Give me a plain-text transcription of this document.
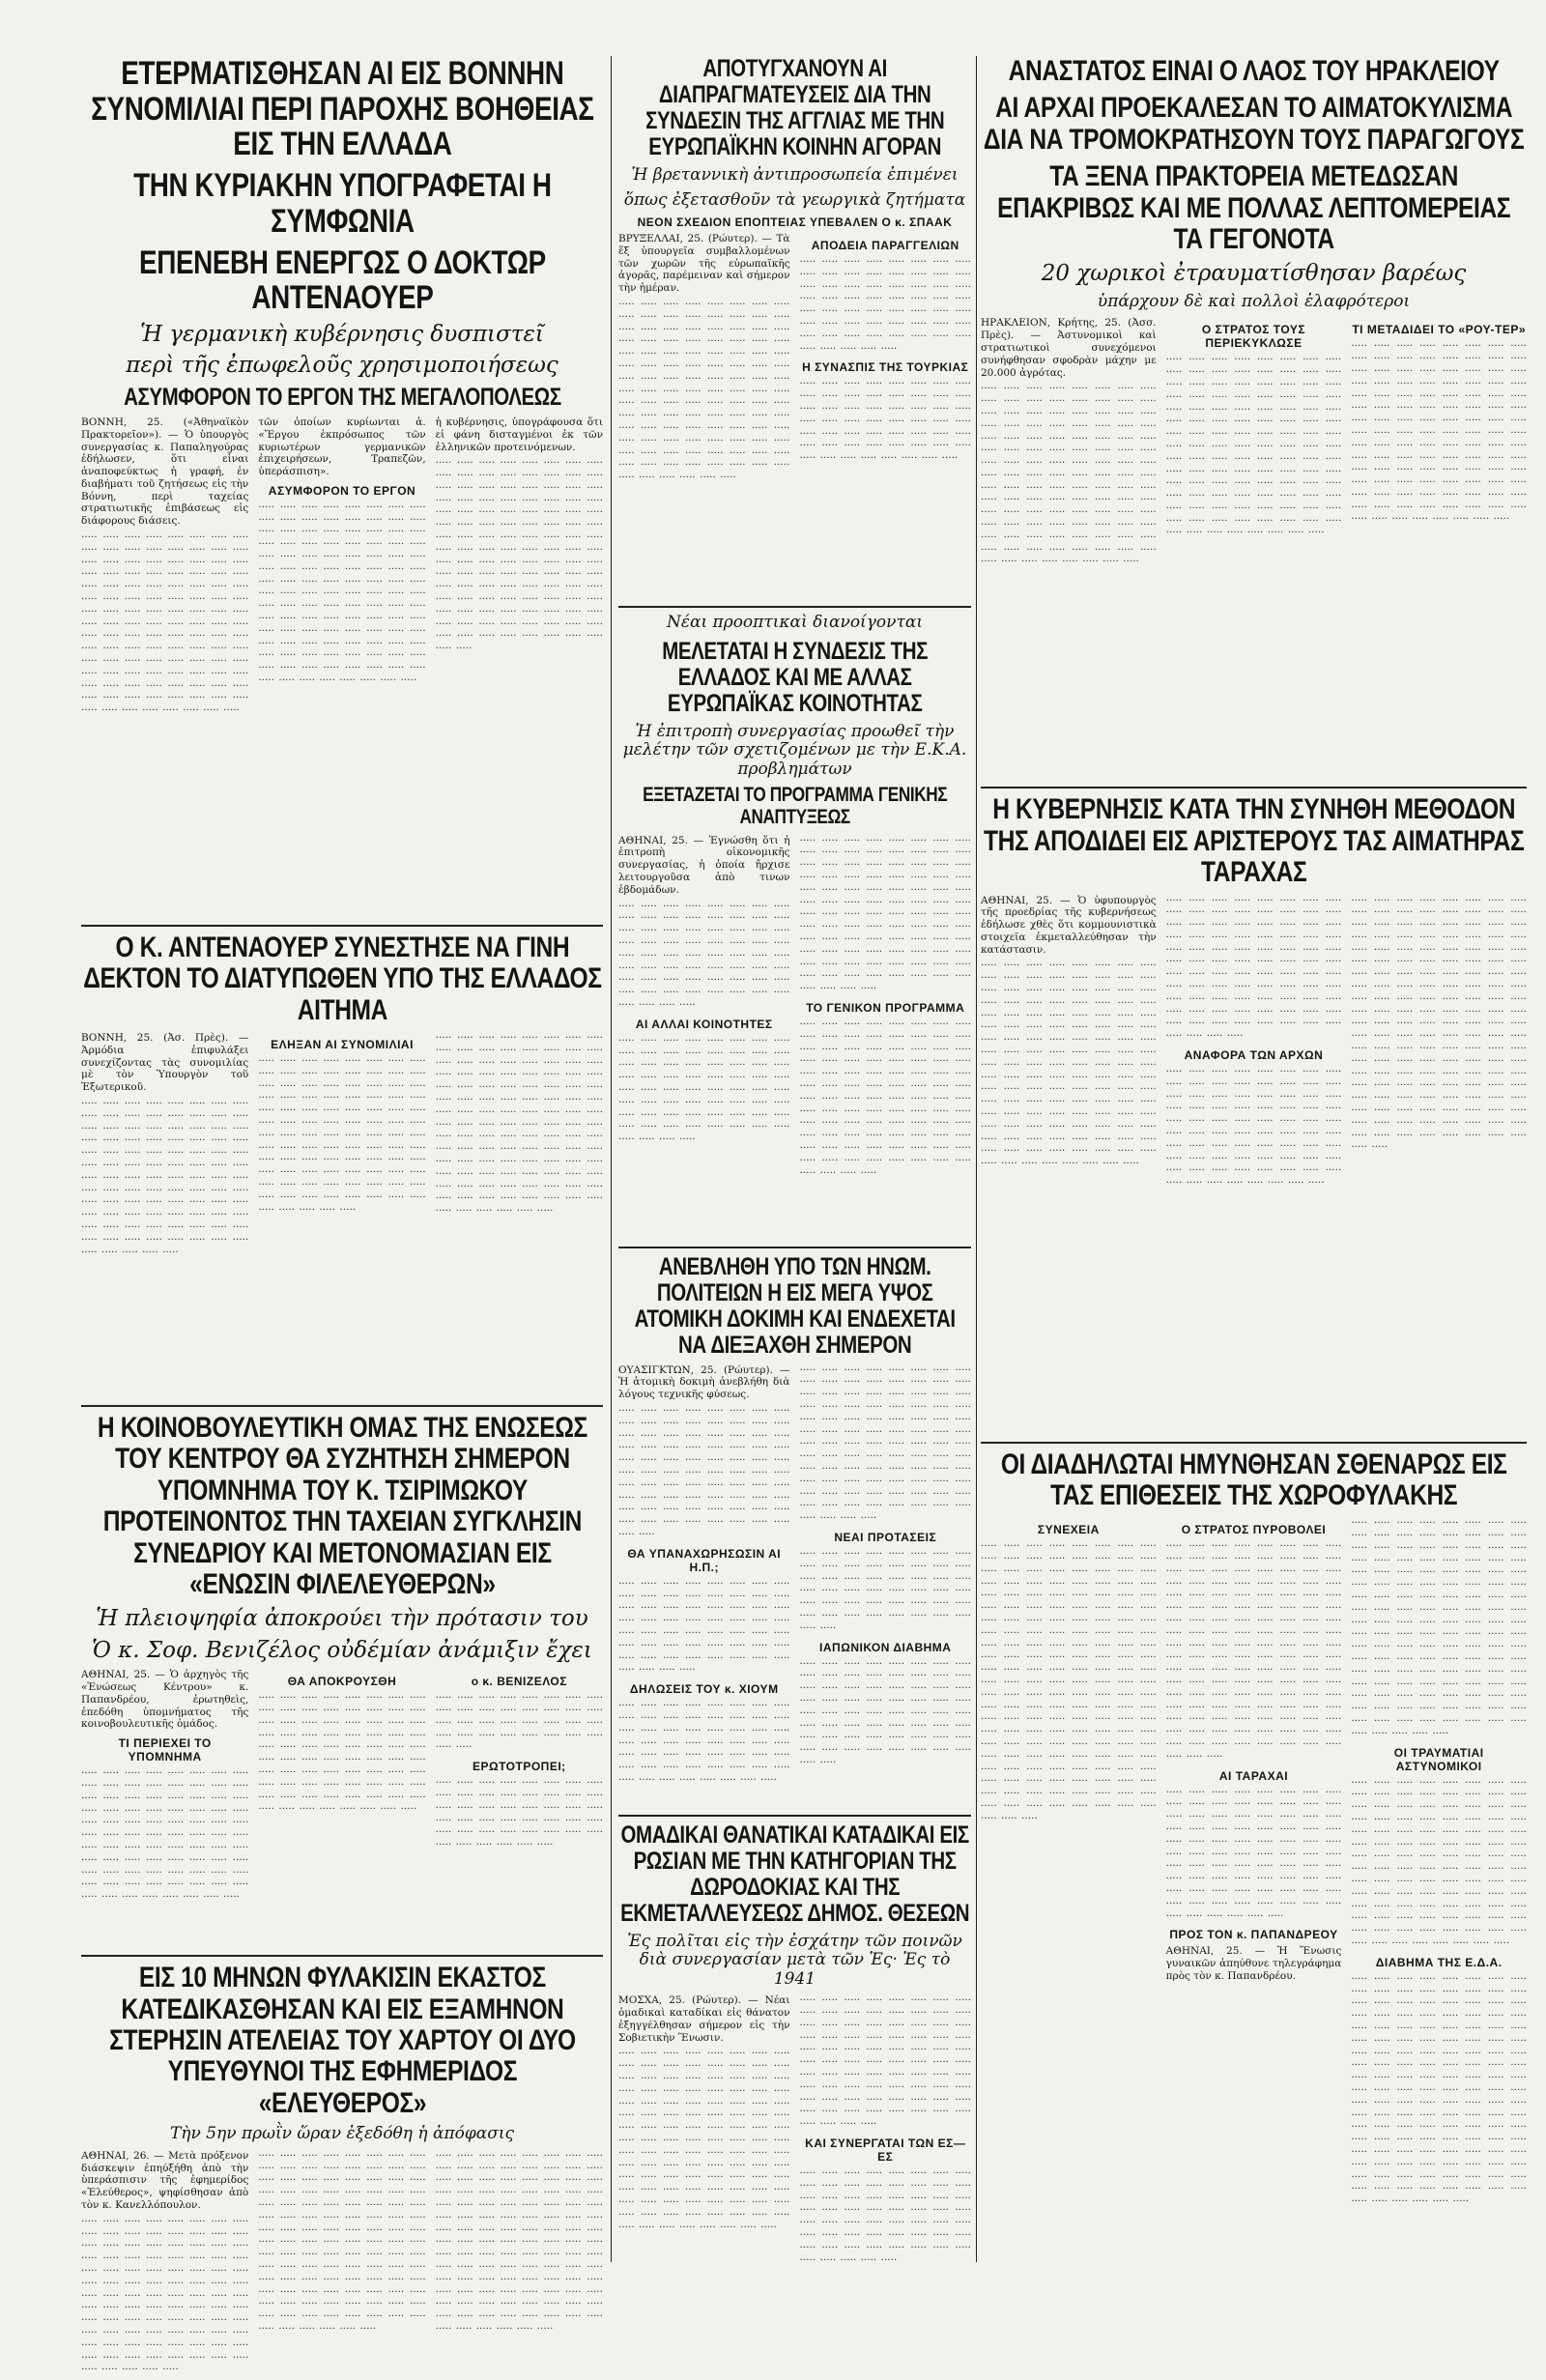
ΕΤΕΡΜΑΤΙΣΘΗΣΑΝ ΑΙ ΕΙΣ ΒΟΝΝΗΝ ΣΥΝΟΜΙΛΙΑΙ ΠΕΡΙ ΠΑΡΟΧΗΣ ΒΟΗΘΕΙΑΣ ΕΙΣ ΤΗΝ ΕΛΛΑΔΑ
ΤΗΝ ΚΥΡΙΑΚΗΝ ΥΠΟΓΡΑΦΕΤΑΙ Η ΣΥΜΦΩΝΙΑ
ΕΠΕΝΕΒΗ ΕΝΕΡΓΩΣ Ο ΔΟΚΤΩΡ ΑΝΤΕΝΑΟΥΕΡ
Ἡ γερμανικὴ κυβέρνησις δυσπιστεῖ
περὶ τῆς ἐπωφελοῦς χρησιμοποιήσεως
ΑΣΥΜΦΟΡΟΝ ΤΟ ΕΡΓΟΝ ΤΗΣ ΜΕΓΑΛΟΠΟΛΕΩΣ

ΒΟΝΝΗ, 25. («Ἀθηναϊκὸν Πρακτορεῖον»). — Ὁ ὑπουργὸς συνεργασίας κ. Παπαληγούρας ἐδήλωσεν, ὅτι εἶναι ἀναποφεύκτως ἡ γραφή, ἐν διαβήματι τοῦ ζητήσεως εἰς τὴν Βόννη, περὶ ταχείας στρατιωτικῆς ἐπιβάσεως εἰς διάφορους διάσεις.

····· ····· ····· ····· ····· ····· ····· ····· ····· ····· ····· ····· ····· ····· ····· ····· ····· ····· ····· ····· ····· ····· ····· ····· ····· ····· ····· ····· ····· ····· ····· ····· ····· ····· ····· ····· ····· ····· ····· ····· ····· ····· ····· ····· ····· ····· ····· ····· ····· ····· ····· ····· ····· ····· ····· ····· ····· ····· ····· ····· ····· ····· ····· ····· ····· ····· ····· ····· ····· ····· ····· ····· ····· ····· ····· ····· ····· ····· ····· ····· ····· ····· ····· ····· ····· ····· ····· ····· ····· ····· ····· ····· ····· ····· ····· ····· ····· ····· ····· ····· ····· ····· ····· ····· ····· ····· ····· ····· ····· ····· ····· ····· ····· ····· ····· ····· ····· ····· ····· ·····

τῶν ὁποίων κυρίωνται ἀ. «Ἔργου ἐκπρόσωπος τῶν κυριωτέρων γερμανικῶν ἐπιχειρήσεων, Τραπεζῶν, ὑπεράσπιση».

ΑΣΥΜΦΟΡΟΝ ΤΟ ΕΡΓΟΝ

····· ····· ····· ····· ····· ····· ····· ····· ····· ····· ····· ····· ····· ····· ····· ····· ····· ····· ····· ····· ····· ····· ····· ····· ····· ····· ····· ····· ····· ····· ····· ····· ····· ····· ····· ····· ····· ····· ····· ····· ····· ····· ····· ····· ····· ····· ····· ····· ····· ····· ····· ····· ····· ····· ····· ····· ····· ····· ····· ····· ····· ····· ····· ····· ····· ····· ····· ····· ····· ····· ····· ····· ····· ····· ····· ····· ····· ····· ····· ····· ····· ····· ····· ····· ····· ····· ····· ····· ····· ····· ····· ····· ····· ····· ····· ····· ····· ····· ····· ····· ····· ····· ····· ····· ····· ····· ····· ····· ····· ····· ····· ····· ····· ····· ····· ····· ····· ····· ····· ·····

ἡ κυβέρνησις, ὑπογράφουσα ὅτι εἰ φάνη δισταγμένοι ἐκ τῶν ἑλληνικῶν προτεινόμενων.

····· ····· ····· ····· ····· ····· ····· ····· ····· ····· ····· ····· ····· ····· ····· ····· ····· ····· ····· ····· ····· ····· ····· ····· ····· ····· ····· ····· ····· ····· ····· ····· ····· ····· ····· ····· ····· ····· ····· ····· ····· ····· ····· ····· ····· ····· ····· ····· ····· ····· ····· ····· ····· ····· ····· ····· ····· ····· ····· ····· ····· ····· ····· ····· ····· ····· ····· ····· ····· ····· ····· ····· ····· ····· ····· ····· ····· ····· ····· ····· ····· ····· ····· ····· ····· ····· ····· ····· ····· ····· ····· ····· ····· ····· ····· ····· ····· ····· ····· ····· ····· ····· ····· ····· ····· ····· ····· ····· ····· ····· ····· ····· ····· ····· ····· ····· ····· ····· ····· ····· ····· ·····

Ο Κ. ΑΝΤΕΝΑΟΥΕΡ ΣΥΝΕΣΤΗΣΕ ΝΑ ΓΙΝΗ ΔΕΚΤΟΝ ΤΟ ΔΙΑΤΥΠΩΘΕΝ ΥΠΟ ΤΗΣ ΕΛΛΑΔΟΣ ΑΙΤΗΜΑ

ΒΟΝΝΗ, 25. (Ἀσ. Πρὲς). — Ἀρμόδια ἐπιφυλάξει συνεχίζοντας τὰς συνομιλίας μὲ τὸν Ὑπουργὸν τοῦ Ἐξωτερικοῦ.

····· ····· ····· ····· ····· ····· ····· ····· ····· ····· ····· ····· ····· ····· ····· ····· ····· ····· ····· ····· ····· ····· ····· ····· ····· ····· ····· ····· ····· ····· ····· ····· ····· ····· ····· ····· ····· ····· ····· ····· ····· ····· ····· ····· ····· ····· ····· ····· ····· ····· ····· ····· ····· ····· ····· ····· ····· ····· ····· ····· ····· ····· ····· ····· ····· ····· ····· ····· ····· ····· ····· ····· ····· ····· ····· ····· ····· ····· ····· ····· ····· ····· ····· ····· ····· ····· ····· ····· ····· ····· ····· ····· ····· ····· ····· ····· ····· ····· ····· ····· ·····

ΕΛΗΞΑΝ ΑΙ ΣΥΝΟΜΙΛΙΑΙ

····· ····· ····· ····· ····· ····· ····· ····· ····· ····· ····· ····· ····· ····· ····· ····· ····· ····· ····· ····· ····· ····· ····· ····· ····· ····· ····· ····· ····· ····· ····· ····· ····· ····· ····· ····· ····· ····· ····· ····· ····· ····· ····· ····· ····· ····· ····· ····· ····· ····· ····· ····· ····· ····· ····· ····· ····· ····· ····· ····· ····· ····· ····· ····· ····· ····· ····· ····· ····· ····· ····· ····· ····· ····· ····· ····· ····· ····· ····· ····· ····· ····· ····· ····· ····· ····· ····· ····· ····· ····· ····· ····· ····· ····· ····· ····· ····· ····· ····· ····· ·····

····· ····· ····· ····· ····· ····· ····· ····· ····· ····· ····· ····· ····· ····· ····· ····· ····· ····· ····· ····· ····· ····· ····· ····· ····· ····· ····· ····· ····· ····· ····· ····· ····· ····· ····· ····· ····· ····· ····· ····· ····· ····· ····· ····· ····· ····· ····· ····· ····· ····· ····· ····· ····· ····· ····· ····· ····· ····· ····· ····· ····· ····· ····· ····· ····· ····· ····· ····· ····· ····· ····· ····· ····· ····· ····· ····· ····· ····· ····· ····· ····· ····· ····· ····· ····· ····· ····· ····· ····· ····· ····· ····· ····· ····· ····· ····· ····· ····· ····· ····· ····· ····· ····· ····· ····· ····· ····· ····· ····· ····· ····· ····· ····· ····· ····· ····· ····· ·····

Η ΚΟΙΝΟΒΟΥΛΕΥΤΙΚΗ ΟΜΑΣ ΤΗΣ ΕΝΩΣΕΩΣ ΤΟΥ ΚΕΝΤΡΟΥ ΘΑ ΣΥΖΗΤΗΣΗ ΣΗΜΕΡΟΝ ΥΠΟΜΝΗΜΑ ΤΟΥ Κ. ΤΣΙΡΙΜΩΚΟΥ ΠΡΟΤΕΙΝΟΝΤΟΣ ΤΗΝ ΤΑΧΕΙΑΝ ΣΥΓΚΛΗΣΙΝ ΣΥΝΕΔΡΙΟΥ ΚΑΙ ΜΕΤΟΝΟΜΑΣΙΑΝ ΕΙΣ «ΕΝΩΣΙΝ ΦΙΛΕΛΕΥΘΕΡΩΝ»
Ἡ πλειοψηφία ἀποκρούει τὴν πρότασιν του
Ὁ κ. Σοφ. Βενιζέλος οὐδέμίαν ἀνάμιξιν ἔχει

ΑΘΗΝΑΙ, 25. — Ὁ ἀρχηγὸς τῆς «Ἑνώσεως Κέντρου» κ. Παπανδρέου, ἐρωτηθεὶς, ἐπεδόθη ὑπομνήματος τῆς κοινοβουλευτικῆς ὁμάδος.

ΤΙ ΠΕΡΙΕΧΕΙ ΤΟ ΥΠΟΜΝΗΜΑ

····· ····· ····· ····· ····· ····· ····· ····· ····· ····· ····· ····· ····· ····· ····· ····· ····· ····· ····· ····· ····· ····· ····· ····· ····· ····· ····· ····· ····· ····· ····· ····· ····· ····· ····· ····· ····· ····· ····· ····· ····· ····· ····· ····· ····· ····· ····· ····· ····· ····· ····· ····· ····· ····· ····· ····· ····· ····· ····· ····· ····· ····· ····· ····· ····· ····· ····· ····· ····· ····· ····· ····· ····· ····· ····· ····· ····· ····· ····· ····· ····· ····· ····· ····· ····· ····· ····· ·····

ΘΑ ΑΠΟΚΡΟΥΣΘΗ

····· ····· ····· ····· ····· ····· ····· ····· ····· ····· ····· ····· ····· ····· ····· ····· ····· ····· ····· ····· ····· ····· ····· ····· ····· ····· ····· ····· ····· ····· ····· ····· ····· ····· ····· ····· ····· ····· ····· ····· ····· ····· ····· ····· ····· ····· ····· ····· ····· ····· ····· ····· ····· ····· ····· ····· ····· ····· ····· ····· ····· ····· ····· ····· ····· ····· ····· ····· ····· ····· ····· ····· ····· ····· ····· ····· ····· ····· ····· ·····

ο κ. ΒΕΝΙΖΕΛΟΣ

····· ····· ····· ····· ····· ····· ····· ····· ····· ····· ····· ····· ····· ····· ····· ····· ····· ····· ····· ····· ····· ····· ····· ····· ····· ····· ····· ····· ····· ····· ····· ····· ····· ·····

ΕΡΩΤΟΤΡΟΠΕΙ;

····· ····· ····· ····· ····· ····· ····· ····· ····· ····· ····· ····· ····· ····· ····· ····· ····· ····· ····· ····· ····· ····· ····· ····· ····· ····· ····· ····· ····· ····· ····· ····· ····· ····· ····· ····· ····· ····· ····· ····· ····· ····· ····· ····· ····· ·····

ΕΙΣ 10 ΜΗΝΩΝ ΦΥΛΑΚΙΣΙΝ ΕΚΑΣΤΟΣ ΚΑΤΕΔΙΚΑΣΘΗΣΑΝ ΚΑΙ ΕΙΣ ΕΞΑΜΗΝΟΝ ΣΤΕΡΗΣΙΝ ΑΤΕΛΕΙΑΣ ΤΟΥ ΧΑΡΤΟΥ ΟΙ ΔΥΟ ΥΠΕΥΘΥΝΟΙ ΤΗΣ ΕΦΗΜΕΡΙΔΟΣ «ΕΛΕΥΘΕΡΟΣ»
Τὴν 5ην πρωῒν ὥραν ἐξεδόθη ἡ ἀπόφασις

ΑΘΗΝΑΙ, 26. — Μετὰ πρόξενον διάσκεψιν ἐπηύξήθη ἀπὸ τὴν ὑπεράσπισιν τῆς ἐφημερίδος «Ἐλεύθερος», ψηφίσθησαν ἀπὸ τὸν κ. Κανελλόπουλον.

····· ····· ····· ····· ····· ····· ····· ····· ····· ····· ····· ····· ····· ····· ····· ····· ····· ····· ····· ····· ····· ····· ····· ····· ····· ····· ····· ····· ····· ····· ····· ····· ····· ····· ····· ····· ····· ····· ····· ····· ····· ····· ····· ····· ····· ····· ····· ····· ····· ····· ····· ····· ····· ····· ····· ····· ····· ····· ····· ····· ····· ····· ····· ····· ····· ····· ····· ····· ····· ····· ····· ····· ····· ····· ····· ····· ····· ····· ····· ····· ····· ····· ····· ····· ····· ····· ····· ····· ····· ····· ····· ····· ····· ····· ····· ····· ····· ····· ····· ····· ·····

····· ····· ····· ····· ····· ····· ····· ····· ····· ····· ····· ····· ····· ····· ····· ····· ····· ····· ····· ····· ····· ····· ····· ····· ····· ····· ····· ····· ····· ····· ····· ····· ····· ····· ····· ····· ····· ····· ····· ····· ····· ····· ····· ····· ····· ····· ····· ····· ····· ····· ····· ····· ····· ····· ····· ····· ····· ····· ····· ····· ····· ····· ····· ····· ····· ····· ····· ····· ····· ····· ····· ····· ····· ····· ····· ····· ····· ····· ····· ····· ····· ····· ····· ····· ····· ····· ····· ····· ····· ····· ····· ····· ····· ····· ····· ····· ····· ····· ····· ····· ····· ····· ····· ····· ····· ····· ····· ····· ····· ····· ····· ····· ····· ····· ····· ····· ····· ·····

····· ····· ····· ····· ····· ····· ····· ····· ····· ····· ····· ····· ····· ····· ····· ····· ····· ····· ····· ····· ····· ····· ····· ····· ····· ····· ····· ····· ····· ····· ····· ····· ····· ····· ····· ····· ····· ····· ····· ····· ····· ····· ····· ····· ····· ····· ····· ····· ····· ····· ····· ····· ····· ····· ····· ····· ····· ····· ····· ····· ····· ····· ····· ····· ····· ····· ····· ····· ····· ····· ····· ····· ····· ····· ····· ····· ····· ····· ····· ····· ····· ····· ····· ····· ····· ····· ····· ····· ····· ····· ····· ····· ····· ····· ····· ····· ····· ····· ····· ····· ····· ····· ····· ····· ····· ····· ····· ····· ····· ····· ····· ····· ····· ····· ····· ····· ····· ·····

ΑΠΟΤΥΓΧΑΝΟΥΝ ΑΙ ΔΙΑΠΡΑΓΜΑΤΕΥΣΕΙΣ ΔΙΑ ΤΗΝ ΣΥΝΔΕΣΙΝ ΤΗΣ ΑΓΓΛΙΑΣ ΜΕ ΤΗΝ ΕΥΡΩΠΑΪΚΗΝ ΚΟΙΝΗΝ ΑΓΟΡΑΝ
Ἡ βρεταννικὴ ἀντιπροσωπεία ἐπιμένει
ὅπως ἐξετασθοῦν τὰ γεωργικὰ ζητήματα
ΝΕΟΝ ΣΧΕΔΙΟΝ ΕΠΟΠΤΕΙΑΣ ΥΠΕΒΑΛΕΝ Ο κ. ΣΠΑΑΚ

ΒΡΥΞΕΛΛΑΙ, 25. (Ρώυτερ). — Τὰ ἕξ ὑπουργεῖα συμβαλλομένων τῶν χωρῶν τῆς εὐρωπαϊκῆς ἀγορᾶς, παρέμειναν καὶ σήμερον τὴν ἡμέραν.

····· ····· ····· ····· ····· ····· ····· ····· ····· ····· ····· ····· ····· ····· ····· ····· ····· ····· ····· ····· ····· ····· ····· ····· ····· ····· ····· ····· ····· ····· ····· ····· ····· ····· ····· ····· ····· ····· ····· ····· ····· ····· ····· ····· ····· ····· ····· ····· ····· ····· ····· ····· ····· ····· ····· ····· ····· ····· ····· ····· ····· ····· ····· ····· ····· ····· ····· ····· ····· ····· ····· ····· ····· ····· ····· ····· ····· ····· ····· ····· ····· ····· ····· ····· ····· ····· ····· ····· ····· ····· ····· ····· ····· ····· ····· ····· ····· ····· ····· ····· ····· ····· ····· ····· ····· ····· ····· ····· ····· ····· ····· ····· ····· ····· ····· ····· ····· ·····

ΑΠΟΔΕΙΑ ΠΑΡΑΓΓΕΛΙΩΝ

····· ····· ····· ····· ····· ····· ····· ····· ····· ····· ····· ····· ····· ····· ····· ····· ····· ····· ····· ····· ····· ····· ····· ····· ····· ····· ····· ····· ····· ····· ····· ····· ····· ····· ····· ····· ····· ····· ····· ····· ····· ····· ····· ····· ····· ····· ····· ····· ····· ····· ····· ····· ····· ····· ····· ····· ····· ····· ····· ····· ·····

Η ΣΥΝΑΣΠΙΣ ΤΗΣ ΤΟΥΡΚΙΑΣ

····· ····· ····· ····· ····· ····· ····· ····· ····· ····· ····· ····· ····· ····· ····· ····· ····· ····· ····· ····· ····· ····· ····· ····· ····· ····· ····· ····· ····· ····· ····· ····· ····· ····· ····· ····· ····· ····· ····· ····· ····· ····· ····· ····· ····· ····· ····· ····· ····· ····· ····· ····· ····· ····· ····· ·····

Νέαι προοπτικαὶ διανοίγονται
ΜΕΛΕΤΑΤΑΙ Η ΣΥΝΔΕΣΙΣ ΤΗΣ ΕΛΛΑΔΟΣ ΚΑΙ ΜΕ ΑΛΛΑΣ ΕΥΡΩΠΑΪΚΑΣ ΚΟΙΝΟΤΗΤΑΣ
Ἡ ἐπιτροπὴ συνεργασίας προωθεῖ τὴν μελέτην τῶν σχετιζομένων με τὴν Ε.Κ.Α. προβλημάτων
ΕΞΕΤΑΖΕΤΑΙ ΤΟ ΠΡΟΓΡΑΜΜΑ ΓΕΝΙΚΗΣ ΑΝΑΠΤΥΞΕΩΣ

ΑΘΗΝΑΙ, 25. — Ἐγνώσθη ὅτι ἡ ἐπιτροπὴ οἰκονομικῆς συνεργασίας, ἡ ὁποία ἤρχισε λειτουργοῦσα ἀπὸ τινων ἑβδομάδων.

····· ····· ····· ····· ····· ····· ····· ····· ····· ····· ····· ····· ····· ····· ····· ····· ····· ····· ····· ····· ····· ····· ····· ····· ····· ····· ····· ····· ····· ····· ····· ····· ····· ····· ····· ····· ····· ····· ····· ····· ····· ····· ····· ····· ····· ····· ····· ····· ····· ····· ····· ····· ····· ····· ····· ····· ····· ····· ····· ····· ····· ····· ····· ····· ····· ····· ····· ·····

ΑΙ ΑΛΛΑΙ ΚΟΙΝΟΤΗΤΕΣ

····· ····· ····· ····· ····· ····· ····· ····· ····· ····· ····· ····· ····· ····· ····· ····· ····· ····· ····· ····· ····· ····· ····· ····· ····· ····· ····· ····· ····· ····· ····· ····· ····· ····· ····· ····· ····· ····· ····· ····· ····· ····· ····· ····· ····· ····· ····· ····· ····· ····· ····· ····· ····· ····· ····· ····· ····· ····· ····· ····· ····· ····· ····· ····· ····· ····· ····· ·····

····· ····· ····· ····· ····· ····· ····· ····· ····· ····· ····· ····· ····· ····· ····· ····· ····· ····· ····· ····· ····· ····· ····· ····· ····· ····· ····· ····· ····· ····· ····· ····· ····· ····· ····· ····· ····· ····· ····· ····· ····· ····· ····· ····· ····· ····· ····· ····· ····· ····· ····· ····· ····· ····· ····· ····· ····· ····· ····· ····· ····· ····· ····· ····· ····· ····· ····· ····· ····· ····· ····· ····· ····· ····· ····· ····· ····· ····· ····· ····· ····· ····· ····· ····· ····· ····· ····· ····· ····· ····· ····· ····· ····· ····· ····· ····· ····· ····· ····· ·····

ΤΟ ΓΕΝΙΚΟΝ ΠΡΟΓΡΑΜΜΑ

····· ····· ····· ····· ····· ····· ····· ····· ····· ····· ····· ····· ····· ····· ····· ····· ····· ····· ····· ····· ····· ····· ····· ····· ····· ····· ····· ····· ····· ····· ····· ····· ····· ····· ····· ····· ····· ····· ····· ····· ····· ····· ····· ····· ····· ····· ····· ····· ····· ····· ····· ····· ····· ····· ····· ····· ····· ····· ····· ····· ····· ····· ····· ····· ····· ····· ····· ····· ····· ····· ····· ····· ····· ····· ····· ····· ····· ····· ····· ····· ····· ····· ····· ····· ····· ····· ····· ····· ····· ····· ····· ····· ····· ····· ····· ····· ····· ····· ····· ·····

ΑΝΕΒΛΗΘΗ ΥΠΟ ΤΩΝ ΗΝΩΜ. ΠΟΛΙΤΕΙΩΝ Η ΕΙΣ ΜΕΓΑ ΥΨΟΣ ΑΤΟΜΙΚΗ ΔΟΚΙΜΗ ΚΑΙ ΕΝΔΕΧΕΤΑΙ ΝΑ ΔΙΕΞΑΧΘΗ ΣΗΜΕΡΟΝ

ΟΥΑΣΙΓΚΤΩΝ, 25. (Ρώυτερ). — Ἡ ἀτομικὴ δοκιμὴ ἀνεβλήθη διὰ λόγους τεχνικῆς φύσεως.

····· ····· ····· ····· ····· ····· ····· ····· ····· ····· ····· ····· ····· ····· ····· ····· ····· ····· ····· ····· ····· ····· ····· ····· ····· ····· ····· ····· ····· ····· ····· ····· ····· ····· ····· ····· ····· ····· ····· ····· ····· ····· ····· ····· ····· ····· ····· ····· ····· ····· ····· ····· ····· ····· ····· ····· ····· ····· ····· ····· ····· ····· ····· ····· ····· ····· ····· ····· ····· ····· ····· ····· ····· ····· ····· ····· ····· ····· ····· ····· ····· ·····

ΘΑ ΥΠΑΝΑΧΩΡΗΣΩΣΙΝ ΑΙ Η.Π.;

····· ····· ····· ····· ····· ····· ····· ····· ····· ····· ····· ····· ····· ····· ····· ····· ····· ····· ····· ····· ····· ····· ····· ····· ····· ····· ····· ····· ····· ····· ····· ····· ····· ····· ····· ····· ····· ····· ····· ····· ····· ····· ····· ····· ····· ····· ····· ····· ····· ····· ····· ····· ····· ····· ····· ····· ····· ····· ····· ·····

ΔΗΛΩΣΕΙΣ ΤΟΥ κ. ΧΙΟΥΜ

····· ····· ····· ····· ····· ····· ····· ····· ····· ····· ····· ····· ····· ····· ····· ····· ····· ····· ····· ····· ····· ····· ····· ····· ····· ····· ····· ····· ····· ····· ····· ····· ····· ····· ····· ····· ····· ····· ····· ····· ····· ····· ····· ····· ····· ····· ····· ····· ····· ····· ····· ····· ····· ····· ····· ·····

····· ····· ····· ····· ····· ····· ····· ····· ····· ····· ····· ····· ····· ····· ····· ····· ····· ····· ····· ····· ····· ····· ····· ····· ····· ····· ····· ····· ····· ····· ····· ····· ····· ····· ····· ····· ····· ····· ····· ····· ····· ····· ····· ····· ····· ····· ····· ····· ····· ····· ····· ····· ····· ····· ····· ····· ····· ····· ····· ····· ····· ····· ····· ····· ····· ····· ····· ····· ····· ····· ····· ····· ····· ····· ····· ····· ····· ····· ····· ····· ····· ····· ····· ····· ····· ····· ····· ····· ····· ····· ····· ····· ····· ····· ····· ····· ····· ····· ····· ·····

ΝΕΑΙ ΠΡΟΤΑΣΕΙΣ

····· ····· ····· ····· ····· ····· ····· ····· ····· ····· ····· ····· ····· ····· ····· ····· ····· ····· ····· ····· ····· ····· ····· ····· ····· ····· ····· ····· ····· ····· ····· ····· ····· ····· ····· ····· ····· ····· ····· ····· ····· ····· ····· ····· ····· ····· ····· ····· ····· ·····

ΙΑΠΩΝΙΚΟΝ ΔΙΑΒΗΜΑ

····· ····· ····· ····· ····· ····· ····· ····· ····· ····· ····· ····· ····· ····· ····· ····· ····· ····· ····· ····· ····· ····· ····· ····· ····· ····· ····· ····· ····· ····· ····· ····· ····· ····· ····· ····· ····· ····· ····· ····· ····· ····· ····· ····· ····· ····· ····· ····· ····· ····· ····· ····· ····· ····· ····· ····· ····· ····· ····· ····· ····· ····· ····· ····· ····· ·····

ΟΜΑΔΙΚΑΙ ΘΑΝΑΤΙΚΑΙ ΚΑΤΑΔΙΚΑΙ ΕΙΣ ΡΩΣΙΑΝ ΜΕ ΤΗΝ ΚΑΤΗΓΟΡΙΑΝ ΤΗΣ ΔΩΡΟΔΟΚΙΑΣ ΚΑΙ ΤΗΣ ΕΚΜΕΤΑΛΛΕΥΣΕΩΣ ΔΗΜΟΣ. ΘΕΣΕΩΝ
Ἐς πολῖται εἰς τὴν ἐσχάτην τῶν ποινῶν διὰ συνεργασίαν μετὰ τῶν Ἐς· Ἐς τὸ 1941

ΜΟΣΧΑ, 25. (Ρώυτερ). — Νέαι ὁμαδικαὶ καταδίκαι εἰς θάνατον ἐξηγγέλθησαν σήμερον εἰς τὴν Σοβιετικὴν Ἕνωσιν.

····· ····· ····· ····· ····· ····· ····· ····· ····· ····· ····· ····· ····· ····· ····· ····· ····· ····· ····· ····· ····· ····· ····· ····· ····· ····· ····· ····· ····· ····· ····· ····· ····· ····· ····· ····· ····· ····· ····· ····· ····· ····· ····· ····· ····· ····· ····· ····· ····· ····· ····· ····· ····· ····· ····· ····· ····· ····· ····· ····· ····· ····· ····· ····· ····· ····· ····· ····· ····· ····· ····· ····· ····· ····· ····· ····· ····· ····· ····· ····· ····· ····· ····· ····· ····· ····· ····· ····· ····· ····· ····· ····· ····· ····· ····· ····· ····· ····· ····· ····· ····· ····· ····· ····· ····· ····· ····· ····· ····· ····· ····· ····· ····· ····· ····· ····· ····· ····· ····· ·····

····· ····· ····· ····· ····· ····· ····· ····· ····· ····· ····· ····· ····· ····· ····· ····· ····· ····· ····· ····· ····· ····· ····· ····· ····· ····· ····· ····· ····· ····· ····· ····· ····· ····· ····· ····· ····· ····· ····· ····· ····· ····· ····· ····· ····· ····· ····· ····· ····· ····· ····· ····· ····· ····· ····· ····· ····· ····· ····· ····· ····· ····· ····· ····· ····· ····· ····· ····· ····· ····· ····· ····· ····· ····· ····· ····· ····· ····· ····· ····· ····· ····· ····· ·····

ΚΑΙ ΣΥΝΕΡΓΑΤΑΙ ΤΩΝ ΕΣ—ΕΣ

····· ····· ····· ····· ····· ····· ····· ····· ····· ····· ····· ····· ····· ····· ····· ····· ····· ····· ····· ····· ····· ····· ····· ····· ····· ····· ····· ····· ····· ····· ····· ····· ····· ····· ····· ····· ····· ····· ····· ····· ····· ····· ····· ····· ····· ····· ····· ····· ····· ····· ····· ····· ····· ····· ····· ····· ····· ····· ····· ····· ·····

ΑΝΑΣΤΑΤΟΣ ΕΙΝΑΙ Ο ΛΑΟΣ ΤΟΥ ΗΡΑΚΛΕΙΟΥ
ΑΙ ΑΡΧΑΙ ΠΡΟΕΚΑΛΕΣΑΝ ΤΟ ΑΙΜΑΤΟΚΥΛΙΣΜΑ ΔΙΑ ΝΑ ΤΡΟΜΟΚΡΑΤΗΣΟΥΝ ΤΟΥΣ ΠΑΡΑΓΩΓΟΥΣ
ΤΑ ΞΕΝΑ ΠΡΑΚΤΟΡΕΙΑ ΜΕΤΕΔΩΣΑΝ ΕΠΑΚΡΙΒΩΣ ΚΑΙ ΜΕ ΠΟΛΛΑΣ ΛΕΠΤΟΜΕΡΕΙΑΣ ΤΑ ΓΕΓΟΝΟΤΑ
20 χωρικοὶ ἐτραυματίσθησαν βαρέως
ὑπάρχουν δὲ καὶ πολλοὶ ἐλαφρότεροι

ΗΡΑΚΛΕΙΟΝ, Κρήτης, 25. (Ἀσσ. Πρὲς). — Ἀστυνομικοὶ καὶ στρατιωτικοὶ συνεχόμενοι συνήφθησαν σφοδρὰν μάχην με 20.000 ἀγρότας.

····· ····· ····· ····· ····· ····· ····· ····· ····· ····· ····· ····· ····· ····· ····· ····· ····· ····· ····· ····· ····· ····· ····· ····· ····· ····· ····· ····· ····· ····· ····· ····· ····· ····· ····· ····· ····· ····· ····· ····· ····· ····· ····· ····· ····· ····· ····· ····· ····· ····· ····· ····· ····· ····· ····· ····· ····· ····· ····· ····· ····· ····· ····· ····· ····· ····· ····· ····· ····· ····· ····· ····· ····· ····· ····· ····· ····· ····· ····· ····· ····· ····· ····· ····· ····· ····· ····· ····· ····· ····· ····· ····· ····· ····· ····· ····· ····· ····· ····· ····· ····· ····· ····· ····· ····· ····· ····· ····· ····· ····· ····· ····· ····· ····· ····· ····· ····· ····· ····· ·····

Ο ΣΤΡΑΤΟΣ ΤΟΥΣ ΠΕΡΙΕΚΥΚΛΩΣΕ

····· ····· ····· ····· ····· ····· ····· ····· ····· ····· ····· ····· ····· ····· ····· ····· ····· ····· ····· ····· ····· ····· ····· ····· ····· ····· ····· ····· ····· ····· ····· ····· ····· ····· ····· ····· ····· ····· ····· ····· ····· ····· ····· ····· ····· ····· ····· ····· ····· ····· ····· ····· ····· ····· ····· ····· ····· ····· ····· ····· ····· ····· ····· ····· ····· ····· ····· ····· ····· ····· ····· ····· ····· ····· ····· ····· ····· ····· ····· ····· ····· ····· ····· ····· ····· ····· ····· ····· ····· ····· ····· ····· ····· ····· ····· ····· ····· ····· ····· ····· ····· ····· ····· ····· ····· ····· ····· ····· ····· ····· ····· ····· ····· ····· ····· ····· ····· ····· ····· ·····

ΤΙ ΜΕΤΑΔΙΔΕΙ ΤΟ «ΡΟΥ-ΤΕΡ»

····· ····· ····· ····· ····· ····· ····· ····· ····· ····· ····· ····· ····· ····· ····· ····· ····· ····· ····· ····· ····· ····· ····· ····· ····· ····· ····· ····· ····· ····· ····· ····· ····· ····· ····· ····· ····· ····· ····· ····· ····· ····· ····· ····· ····· ····· ····· ····· ····· ····· ····· ····· ····· ····· ····· ····· ····· ····· ····· ····· ····· ····· ····· ····· ····· ····· ····· ····· ····· ····· ····· ····· ····· ····· ····· ····· ····· ····· ····· ····· ····· ····· ····· ····· ····· ····· ····· ····· ····· ····· ····· ····· ····· ····· ····· ····· ····· ····· ····· ····· ····· ····· ····· ····· ····· ····· ····· ····· ····· ····· ····· ····· ····· ····· ····· ····· ····· ····· ····· ·····

Η ΚΥΒΕΡΝΗΣΙΣ ΚΑΤΑ ΤΗΝ ΣΥΝΗΘΗ ΜΕΘΟΔΟΝ ΤΗΣ ΑΠΟΔΙΔΕΙ ΕΙΣ ΑΡΙΣΤΕΡΟΥΣ ΤΑΣ ΑΙΜΑΤΗΡΑΣ ΤΑΡΑΧΑΣ

ΑΘΗΝΑΙ, 25. — Ὁ ὑφυπουργὸς τῆς προεδρίας τῆς κυβερνήσεως ἐδήλωσε χθὲς ὅτι κομμουνιστικὰ στοιχεῖα ἐκμεταλλεύθησαν τὴν κατάστασιν.

····· ····· ····· ····· ····· ····· ····· ····· ····· ····· ····· ····· ····· ····· ····· ····· ····· ····· ····· ····· ····· ····· ····· ····· ····· ····· ····· ····· ····· ····· ····· ····· ····· ····· ····· ····· ····· ····· ····· ····· ····· ····· ····· ····· ····· ····· ····· ····· ····· ····· ····· ····· ····· ····· ····· ····· ····· ····· ····· ····· ····· ····· ····· ····· ····· ····· ····· ····· ····· ····· ····· ····· ····· ····· ····· ····· ····· ····· ····· ····· ····· ····· ····· ····· ····· ····· ····· ····· ····· ····· ····· ····· ····· ····· ····· ····· ····· ····· ····· ····· ····· ····· ····· ····· ····· ····· ····· ····· ····· ····· ····· ····· ····· ····· ····· ····· ····· ····· ····· ····· ····· ····· ····· ····· ····· ····· ····· ····· ····· ····· ····· ····· ····· ····· ····· ·····

····· ····· ····· ····· ····· ····· ····· ····· ····· ····· ····· ····· ····· ····· ····· ····· ····· ····· ····· ····· ····· ····· ····· ····· ····· ····· ····· ····· ····· ····· ····· ····· ····· ····· ····· ····· ····· ····· ····· ····· ····· ····· ····· ····· ····· ····· ····· ····· ····· ····· ····· ····· ····· ····· ····· ····· ····· ····· ····· ····· ····· ····· ····· ····· ····· ····· ····· ····· ····· ····· ····· ····· ····· ····· ····· ····· ····· ····· ····· ····· ····· ····· ····· ····· ····· ····· ····· ····· ····· ····· ····· ·····

ΑΝΑΦΟΡΑ ΤΩΝ ΑΡΧΩΝ

····· ····· ····· ····· ····· ····· ····· ····· ····· ····· ····· ····· ····· ····· ····· ····· ····· ····· ····· ····· ····· ····· ····· ····· ····· ····· ····· ····· ····· ····· ····· ····· ····· ····· ····· ····· ····· ····· ····· ····· ····· ····· ····· ····· ····· ····· ····· ····· ····· ····· ····· ····· ····· ····· ····· ····· ····· ····· ····· ····· ····· ····· ····· ····· ····· ····· ····· ····· ····· ····· ····· ····· ····· ····· ····· ····· ····· ····· ····· ·····

····· ····· ····· ····· ····· ····· ····· ····· ····· ····· ····· ····· ····· ····· ····· ····· ····· ····· ····· ····· ····· ····· ····· ····· ····· ····· ····· ····· ····· ····· ····· ····· ····· ····· ····· ····· ····· ····· ····· ····· ····· ····· ····· ····· ····· ····· ····· ····· ····· ····· ····· ····· ····· ····· ····· ····· ····· ····· ····· ····· ····· ····· ····· ····· ····· ····· ····· ····· ····· ····· ····· ····· ····· ····· ····· ····· ····· ····· ····· ····· ····· ····· ····· ····· ····· ····· ····· ····· ····· ····· ····· ····· ····· ····· ····· ····· ····· ····· ····· ····· ····· ····· ····· ····· ····· ····· ····· ····· ····· ····· ····· ····· ····· ····· ····· ····· ····· ····· ····· ····· ····· ····· ····· ····· ····· ····· ····· ····· ····· ····· ····· ····· ····· ····· ····· ····· ····· ····· ····· ····· ····· ····· ····· ····· ····· ····· ····· ····· ····· ····· ····· ····· ····· ····· ····· ····· ····· ····· ····· ····· ····· ·····

ΟΙ ΔΙΑΔΗΛΩΤΑΙ ΗΜΥΝΘΗΣΑΝ ΣΘΕΝΑΡΩΣ ΕΙΣ ΤΑΣ ΕΠΙΘΕΣΕΙΣ ΤΗΣ ΧΩΡΟΦΥΛΑΚΗΣ
ΣΥΝΕΧΕΙΑ

····· ····· ····· ····· ····· ····· ····· ····· ····· ····· ····· ····· ····· ····· ····· ····· ····· ····· ····· ····· ····· ····· ····· ····· ····· ····· ····· ····· ····· ····· ····· ····· ····· ····· ····· ····· ····· ····· ····· ····· ····· ····· ····· ····· ····· ····· ····· ····· ····· ····· ····· ····· ····· ····· ····· ····· ····· ····· ····· ····· ····· ····· ····· ····· ····· ····· ····· ····· ····· ····· ····· ····· ····· ····· ····· ····· ····· ····· ····· ····· ····· ····· ····· ····· ····· ····· ····· ····· ····· ····· ····· ····· ····· ····· ····· ····· ····· ····· ····· ····· ····· ····· ····· ····· ····· ····· ····· ····· ····· ····· ····· ····· ····· ····· ····· ····· ····· ····· ····· ····· ····· ····· ····· ····· ····· ····· ····· ····· ····· ····· ····· ····· ····· ····· ····· ····· ····· ····· ····· ····· ····· ····· ····· ····· ····· ····· ····· ····· ····· ····· ····· ····· ····· ····· ····· ····· ····· ····· ····· ····· ····· ····· ····· ····· ····· ····· ····· ····· ····· ····· ····· ····· ····· ····· ····· ····· ····· ····· ·····

Ο ΣΤΡΑΤΟΣ ΠΥΡΟΒΟΛΕΙ

····· ····· ····· ····· ····· ····· ····· ····· ····· ····· ····· ····· ····· ····· ····· ····· ····· ····· ····· ····· ····· ····· ····· ····· ····· ····· ····· ····· ····· ····· ····· ····· ····· ····· ····· ····· ····· ····· ····· ····· ····· ····· ····· ····· ····· ····· ····· ····· ····· ····· ····· ····· ····· ····· ····· ····· ····· ····· ····· ····· ····· ····· ····· ····· ····· ····· ····· ····· ····· ····· ····· ····· ····· ····· ····· ····· ····· ····· ····· ····· ····· ····· ····· ····· ····· ····· ····· ····· ····· ····· ····· ····· ····· ····· ····· ····· ····· ····· ····· ····· ····· ····· ····· ····· ····· ····· ····· ····· ····· ····· ····· ····· ····· ····· ····· ····· ····· ····· ····· ····· ····· ····· ····· ····· ····· ····· ····· ····· ····· ····· ····· ····· ····· ····· ····· ····· ····· ····· ·····

ΑΙ ΤΑΡΑΧΑΙ

····· ····· ····· ····· ····· ····· ····· ····· ····· ····· ····· ····· ····· ····· ····· ····· ····· ····· ····· ····· ····· ····· ····· ····· ····· ····· ····· ····· ····· ····· ····· ····· ····· ····· ····· ····· ····· ····· ····· ····· ····· ····· ····· ····· ····· ····· ····· ····· ····· ····· ····· ····· ····· ····· ····· ····· ····· ····· ····· ····· ····· ····· ····· ····· ····· ····· ····· ····· ····· ····· ····· ····· ····· ····· ····· ····· ····· ····· ····· ····· ····· ····· ····· ····· ····· ·····

ΠΡΟΣ ΤΟΝ κ. ΠΑΠΑΝΔΡΕΟΥ

ΑΘΗΝΑΙ, 25. — Ἡ Ἕνωσις γυναικῶν ἀπηύθυνε τηλεγράφημα πρὸς τὸν κ. Παπανδρέου.

····· ····· ····· ····· ····· ····· ····· ····· ····· ····· ····· ····· ····· ····· ····· ····· ····· ····· ····· ····· ····· ····· ····· ····· ····· ····· ····· ····· ····· ····· ····· ····· ····· ····· ····· ····· ····· ····· ····· ····· ····· ····· ····· ····· ····· ····· ····· ····· ····· ····· ····· ····· ····· ····· ····· ····· ····· ····· ····· ····· ····· ····· ····· ····· ····· ····· ····· ····· ····· ····· ····· ····· ····· ····· ····· ····· ····· ····· ····· ····· ····· ····· ····· ····· ····· ····· ····· ····· ····· ····· ····· ····· ····· ····· ····· ····· ····· ····· ····· ····· ····· ····· ····· ····· ····· ····· ····· ····· ····· ····· ····· ····· ····· ····· ····· ····· ····· ····· ····· ····· ····· ····· ····· ····· ····· ····· ····· ····· ····· ····· ····· ····· ····· ····· ····· ····· ····· ····· ····· ····· ·····

ΟΙ ΤΡΑΥΜΑΤΙΑΙ ΑΣΤΥΝΟΜΙΚΟΙ

····· ····· ····· ····· ····· ····· ····· ····· ····· ····· ····· ····· ····· ····· ····· ····· ····· ····· ····· ····· ····· ····· ····· ····· ····· ····· ····· ····· ····· ····· ····· ····· ····· ····· ····· ····· ····· ····· ····· ····· ····· ····· ····· ····· ····· ····· ····· ····· ····· ····· ····· ····· ····· ····· ····· ····· ····· ····· ····· ····· ····· ····· ····· ····· ····· ····· ····· ····· ····· ····· ····· ····· ····· ····· ····· ····· ····· ····· ····· ····· ····· ····· ····· ····· ····· ····· ····· ····· ····· ····· ····· ····· ····· ····· ····· ····· ····· ····· ····· ····· ····· ····· ····· ····· ····· ····· ····· ····· ····· ····· ····· ·····

ΔΙΑΒΗΜΑ ΤΗΣ Ε.Δ.Α.

····· ····· ····· ····· ····· ····· ····· ····· ····· ····· ····· ····· ····· ····· ····· ····· ····· ····· ····· ····· ····· ····· ····· ····· ····· ····· ····· ····· ····· ····· ····· ····· ····· ····· ····· ····· ····· ····· ····· ····· ····· ····· ····· ····· ····· ····· ····· ····· ····· ····· ····· ····· ····· ····· ····· ····· ····· ····· ····· ····· ····· ····· ····· ····· ····· ····· ····· ····· ····· ····· ····· ····· ····· ····· ····· ····· ····· ····· ····· ····· ····· ····· ····· ····· ····· ····· ····· ····· ····· ····· ····· ····· ····· ····· ····· ····· ····· ····· ····· ····· ····· ····· ····· ····· ····· ····· ····· ····· ····· ····· ····· ····· ····· ····· ····· ····· ····· ····· ····· ····· ····· ····· ····· ····· ····· ····· ····· ····· ····· ····· ····· ····· ····· ····· ····· ····· ····· ····· ····· ····· ····· ····· ····· ····· ····· ····· ····· ····· ····· ·····
